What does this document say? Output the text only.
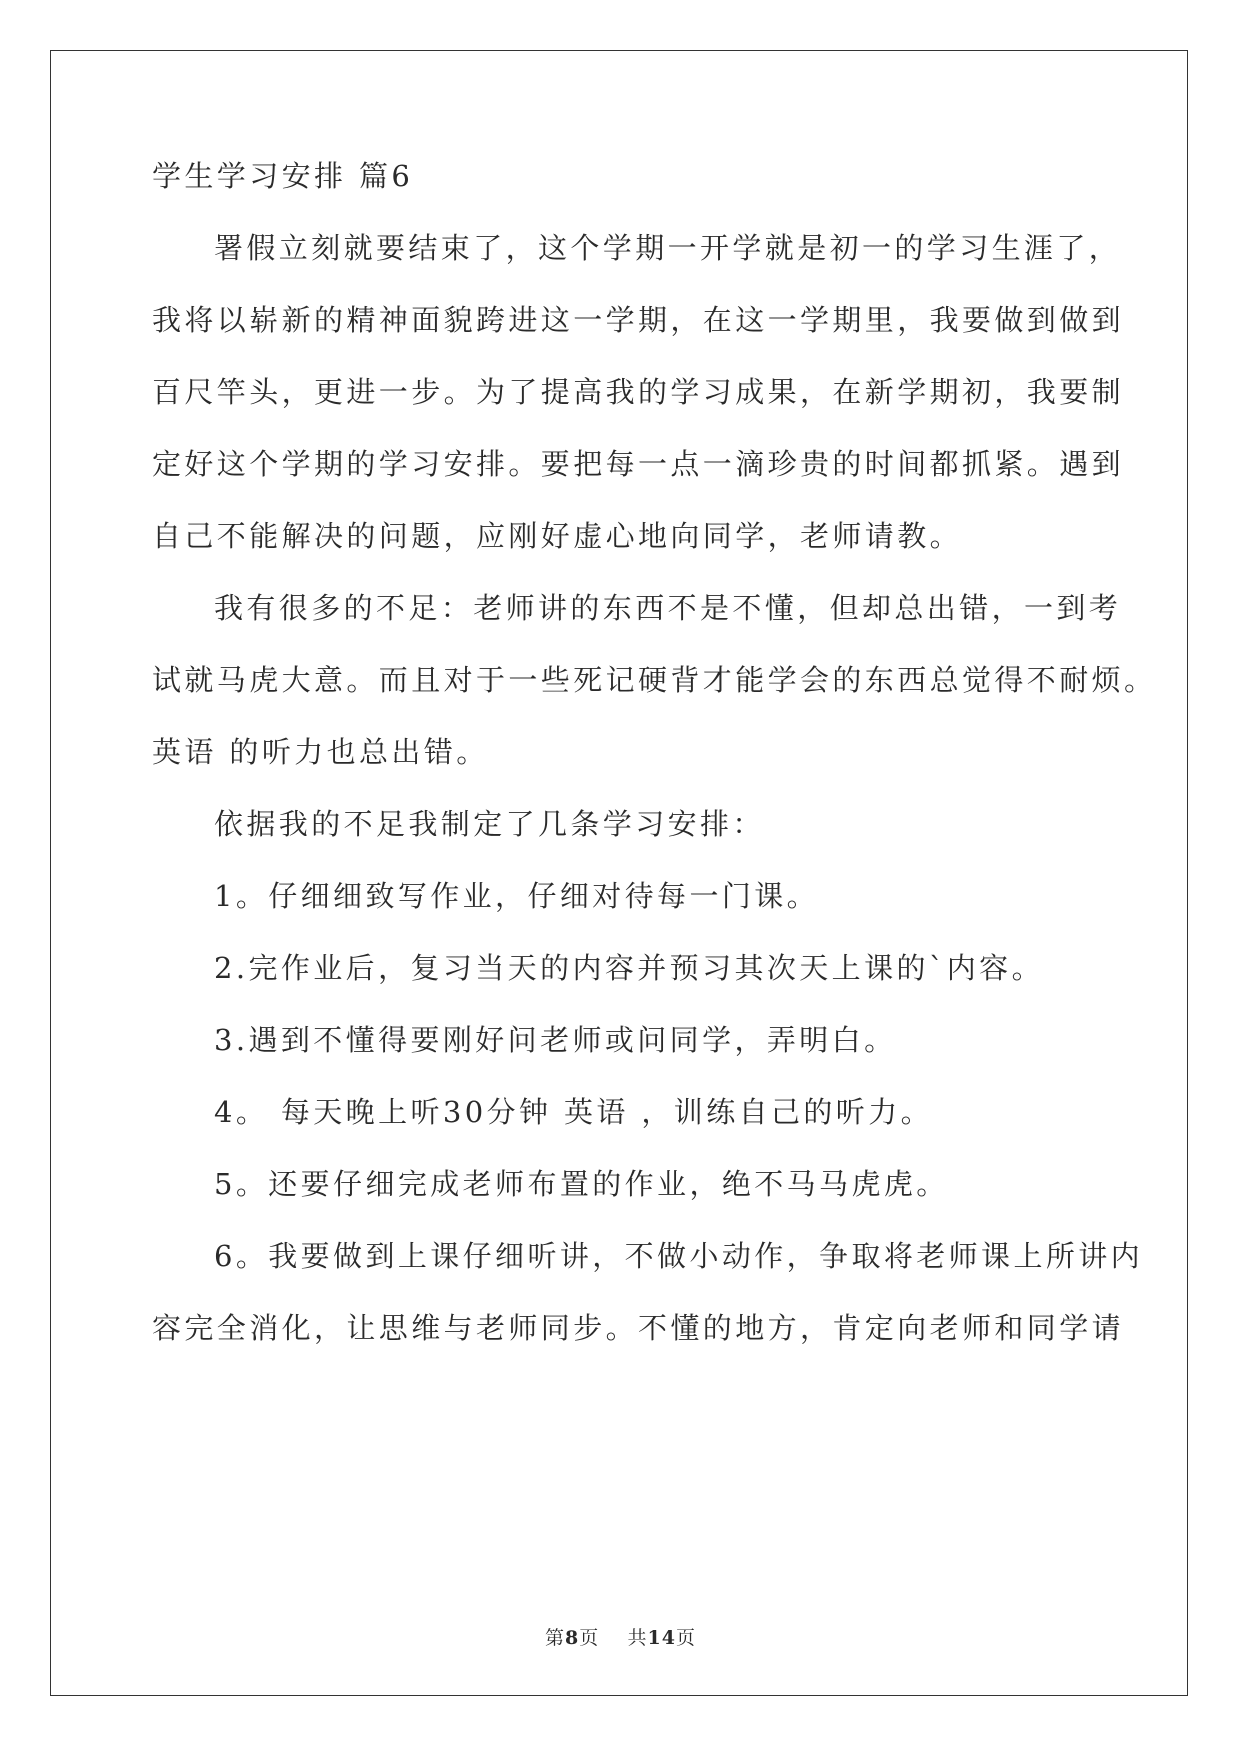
学生学习安排 篇6

署假立刻就要结束了，这个学期一开学就是初一的学习生涯了，

我将以崭新的精神面貌跨进这一学期，在这一学期里，我要做到做到

百尺竿头，更进一步。为了提高我的学习成果，在新学期初，我要制

定好这个学期的学习安排。要把每一点一滴珍贵的时间都抓紧。遇到

自己不能解决的问题，应刚好虚心地向同学，老师请教。

我有很多的不足：老师讲的东西不是不懂，但却总出错，一到考

试就马虎大意。而且对于一些死记硬背才能学会的东西总觉得不耐烦。

英语 的听力也总出错。

依据我的不足我制定了几条学习安排：

1。仔细细致写作业，仔细对待每一门课。

2.完作业后，复习当天的内容并预习其次天上课的`内容。

3.遇到不懂得要刚好问老师或问同学，弄明白。

4。 每天晚上听30分钟 英语 ，训练自己的听力。

5。还要仔细完成老师布置的作业，绝不马马虎虎。

6。我要做到上课仔细听讲，不做小动作，争取将老师课上所讲内

容完全消化，让思维与老师同步。不懂的地方，肯定向老师和同学请

第8页 共14页
